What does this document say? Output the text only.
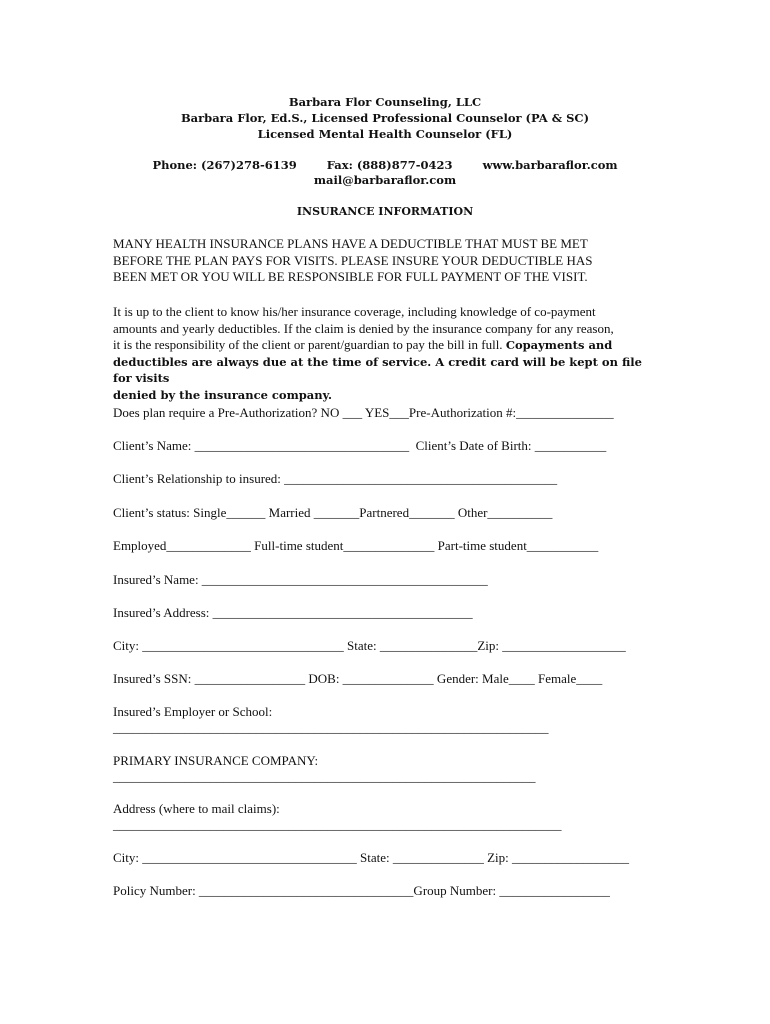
Barbara Flor Counseling, LLC
Barbara Flor, Ed.S., Licensed Professional Counselor (PA & SC)
Licensed Mental Health Counselor (FL)
Phone: (267)278-6139	Fax: (888)877-0423	www.barbaraflor.com
mail@barbaraflor.com
INSURANCE INFORMATION
MANY HEALTH INSURANCE PLANS HAVE A DEDUCTIBLE THAT MUST BE MET
BEFORE THE PLAN PAYS FOR VISITS. PLEASE INSURE YOUR DEDUCTIBLE HAS
BEEN MET OR YOU WILL BE RESPONSIBLE FOR FULL PAYMENT OF THE VISIT.
It is up to the client to know his/her insurance coverage, including knowledge of co-payment
amounts and yearly deductibles. If the claim is denied by the insurance company for any reason,
it is the responsibility of the client or parent/guardian to pay the bill in full. Copayments and
deductibles are always due at the time of service. A credit card will be kept on file for visits
denied by the insurance company.
Does plan require a Pre-Authorization? NO ___ YES___Pre-Authorization #:_______________
Client’s Name: _________________________________  Client’s Date of Birth: ___________
Client’s Relationship to insured: __________________________________________
Client’s status: Single______ Married _______Partnered_______ Other__________
Employed_____________ Full-time student______________ Part-time student___________
Insured’s Name: ____________________________________________
Insured’s Address: ________________________________________
City: _______________________________ State: _______________Zip: ___________________
Insured’s SSN: _________________ DOB: ______________ Gender: Male____ Female____
Insured’s Employer or School:
___________________________________________________________________
PRIMARY INSURANCE COMPANY:
_________________________________________________________________
Address (where to mail claims):
_____________________________________________________________________
City: _________________________________ State: ______________ Zip: __________________
Policy Number: _________________________________Group Number: _________________
